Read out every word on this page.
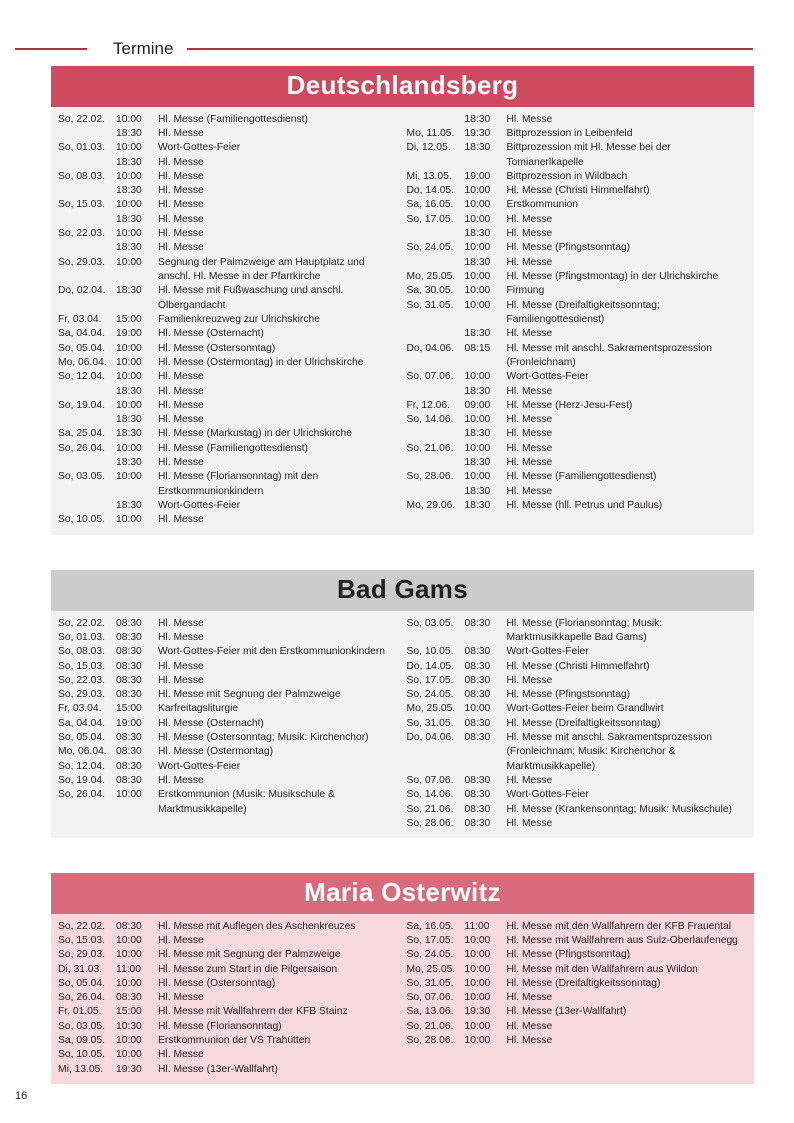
Termine
Deutschlandsberg
So, 22.02.	10:00	Hl. Messe (Familiengottesdienst)
	18:30	Hl. Messe
So, 01.03.	10:00	Wort-Gottes-Feier
	18:30	Hl. Messe
So, 08.03.	10:00	Hl. Messe
	18:30	Hl. Messe
So, 15.03.	10:00	Hl. Messe
	18:30	Hl. Messe
So, 22.03.	10:00	Hl. Messe
	18:30	Hl. Messe
So, 29.03.	10:00	Segnung der Palmzweige am Hauptplatz und anschl. Hl. Messe in der Pfarrkirche
Do, 02.04.	18:30	Hl. Messe mit Fußwaschung und anschl. Ölbergandacht
Fr, 03.04.	15:00	Familienkreuzweg zur Ulrichskirche
Sa, 04.04.	19:00	Hl. Messe (Osternacht)
So, 05.04.	10:00	Hl. Messe (Ostersonntag)
Mo, 06.04.	10:00	Hl. Messe (Ostermontag) in der Ulrichskirche
So, 12.04.	10:00	Hl. Messe
	18:30	Hl. Messe
So, 19.04.	10:00	Hl. Messe
	18:30	Hl. Messe
Sa, 25.04.	18:30	Hl. Messe (Markustag) in der Ulrichskirche
So, 26.04.	10:00	Hl. Messe (Familiengottesdienst)
	18:30	Hl. Messe
So, 03.05.	10:00	Hl. Messe (Floriansonntag) mit den Erstkommunionkindern
	18:30	Wort-Gottes-Feier
So, 10.05.	10:00	Hl. Messe
	18:30	Hl. Messe
Mo, 11.05.	19:30	Bittprozession in Leibenfeld
Di, 12.05.	18:30	Bittprozession mit Hl. Messe bei der Tomianerlkapelle
Mi, 13.05.	19:00	Bittprozession in Wildbach
Do, 14.05.	10:00	Hl. Messe (Christi Himmelfahrt)
Sa, 16.05.	10:00	Erstkommunion
So, 17.05.	10:00	Hl. Messe
	18:30	Hl. Messe
So, 24.05.	10:00	Hl. Messe (Pfingstsonntag)
	18:30	Hl. Messe
Mo, 25.05.	10:00	Hl. Messe (Pfingstmontag) in der Ulrichskirche
Sa, 30.05.	10:00	Firmung
So, 31.05.	10:00	Hl. Messe (Dreifaltigkeitssonntag; Familiengottesdienst)
	18:30	Hl. Messe
Do, 04.06.	08:15	Hl. Messe mit anschl. Sakramentsprozession (Fronleichnam)
So, 07.06.	10:00	Wort-Gottes-Feier
	18:30	Hl. Messe
Fr, 12.06.	09:00	Hl. Messe (Herz-Jesu-Fest)
So, 14.06.	10:00	Hl. Messe
	18:30	Hl. Messe
So, 21.06.	10:00	Hl. Messe
	18:30	Hl. Messe
So, 28.06.	10:00	Hl. Messe (Familiengottesdienst)
	18:30	Hl. Messe
Mo, 29.06.	18:30	Hl. Messe (hll. Petrus und Paulus)
Bad Gams
So, 22.02.	08:30	Hl. Messe
So, 01.03.	08:30	Hl. Messe
So, 08.03.	08:30	Wort-Gottes-Feier mit den Erstkommunionkindern
So, 15.03.	08:30	Hl. Messe
So, 22.03.	08:30	Hl. Messe
So, 29.03.	08:30	Hl. Messe mit Segnung der Palmzweige
Fr, 03.04.	15:00	Karfreitagsliturgie
Sa, 04.04.	19:00	Hl. Messe (Osternacht)
So, 05.04.	08:30	Hl. Messe (Ostersonntag; Musik: Kirchenchor)
Mo, 06.04.	08:30	Hl. Messe (Ostermontag)
So, 12.04.	08:30	Wort-Gottes-Feier
So, 19.04.	08:30	Hl. Messe
So, 26.04.	10:00	Erstkommunion (Musik: Musikschule & Marktmusikkapelle)
So, 03.05.	08:30	Hl. Messe (Floriansonntag; Musik: Marktmusikkapelle Bad Gams)
So, 10.05.	08:30	Wort-Gottes-Feier
Do, 14.05.	08:30	Hl. Messe (Christi Himmelfahrt)
So, 17.05.	08:30	Hl. Messe
So, 24.05.	08:30	Hl. Messe (Pfingstsonntag)
Mo, 25.05.	10:00	Wort-Gottes-Feier beim Grandlwirt
So, 31.05.	08:30	Hl. Messe (Dreifaltigkeitssonntag)
Do, 04.06.	08:30	Hl. Messe mit anschl. Sakramentsprozession (Fronleichnam; Musik: Kirchenchor & Marktmusikkapelle)
So, 07.06.	08:30	Hl. Messe
So, 14.06.	08:30	Wort-Gottes-Feier
So, 21.06.	08:30	Hl. Messe (Krankensonntag; Musik: Musikschule)
So, 28.06.	08:30	Hl. Messe
Maria Osterwitz
So, 22.02.	08:30	Hl. Messe mit Auflegen des Aschenkreuzes
So, 15.03.	10:00	Hl. Messe
So, 29.03.	10:00	Hl. Messe mit Segnung der Palmzweige
Di, 31.03.	11:00	Hl. Messe zum Start in die Pilgersaison
So, 05.04.	10:00	Hl. Messe (Ostersonntag)
So, 26.04.	08:30	Hl. Messe
Fr, 01.05.	15:00	Hl. Messe mit Wallfahrern der KFB Stainz
So, 03.05.	10:30	Hl. Messe (Floriansonntag)
Sa, 09.05.	10:00	Erstkommunion der VS Trahütten
So, 10.05.	10:00	Hl. Messe
Mi, 13.05.	19:30	Hl. Messe (13er-Wallfahrt)
Sa, 16.05.	11:00	Hl. Messe mit den Wallfahrern der KFB Frauental
So, 17.05.	10:00	Hl. Messe mit Wallfahrern aus Sulz-Oberlaufenegg
So, 24.05.	10:00	Hl. Messe (Pfingstsonntag)
Mo, 25.05.	10:00	Hl. Messe mit den Wallfahrern aus Wildon
So, 31.05.	10:00	Hl. Messe (Dreifaltigkeitssonntag)
So, 07.06.	10:00	Hl. Messe
Sa, 13.06.	19:30	Hl. Messe (13er-Wallfahrt)
So, 21.06.	10:00	Hl. Messe
So, 28.06.	10:00	Hl. Messe
16
